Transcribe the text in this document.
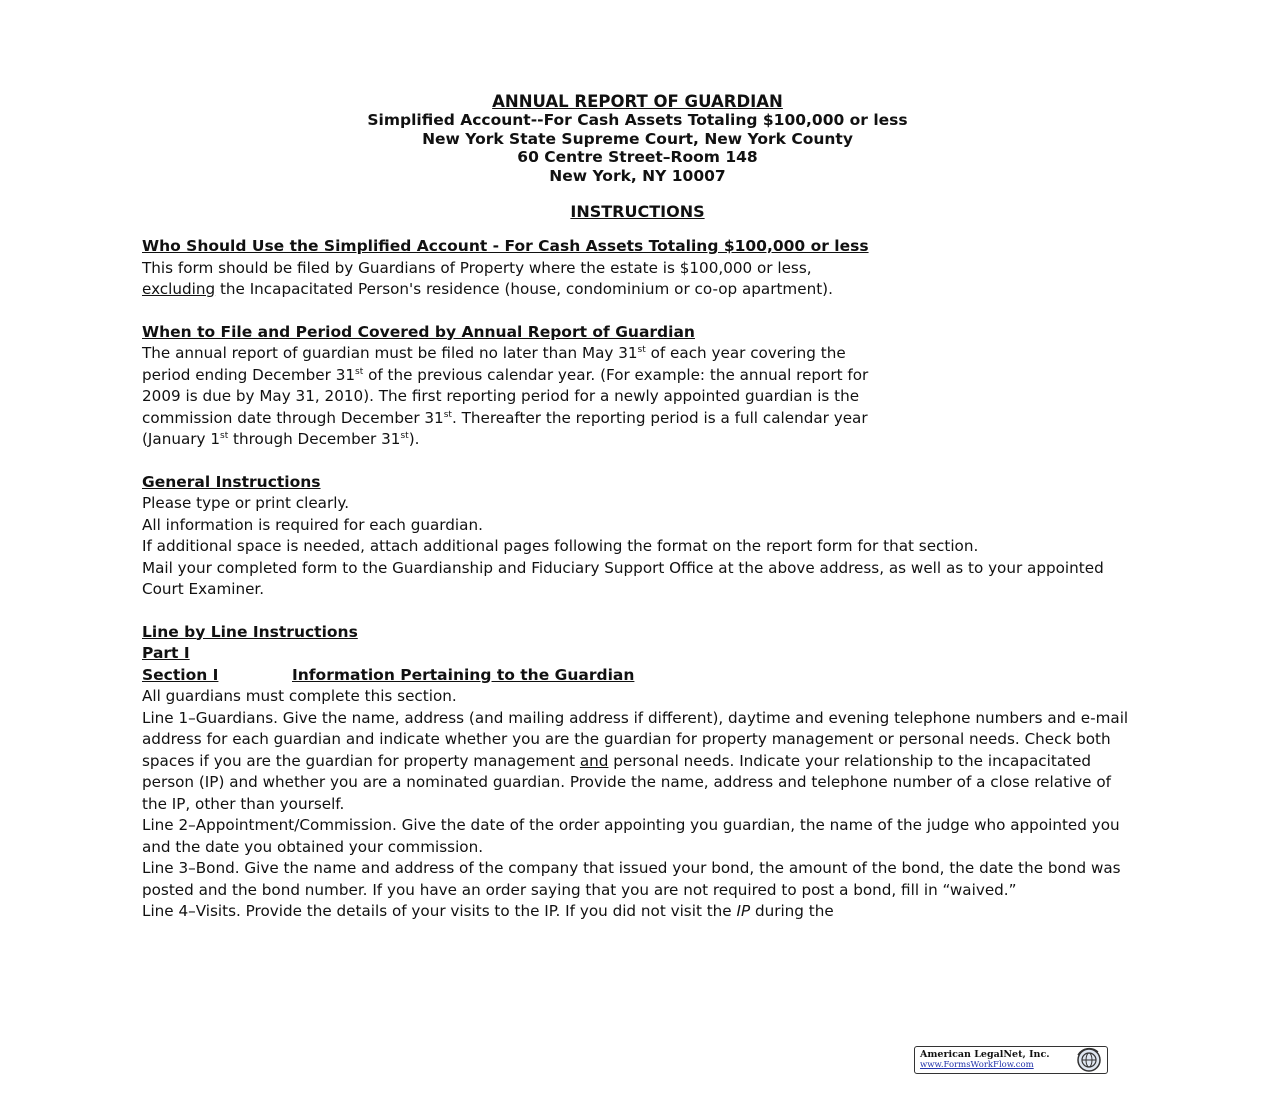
ANNUAL REPORT OF GUARDIAN
Simplified Account--For Cash Assets Totaling $100,000 or less
New York State Supreme Court, New York County
60 Centre Street–Room 148
New York, NY 10007
INSTRUCTIONS

Who Should Use the Simplified Account - For Cash Assets Totaling $100,000 or less

This form should be filed by Guardians of Property where the estate is $100,000 or less,

excluding the Incapacitated Person's residence (house, condominium or co-op apartment).

When to File and Period Covered by Annual Report of Guardian

The annual report of guardian must be filed no later than May 31st of each year covering the

period ending December 31st of the previous calendar year. (For example: the annual report for

2009 is due by May 31, 2010). The first reporting period for a newly appointed guardian is the

commission date through December 31st. Thereafter the reporting period is a full calendar year

(January 1st through December 31st).

General Instructions

Please type or print clearly.

All information is required for each guardian.

If additional space is needed, attach additional pages following the format on the report form for that section.

Mail your completed form to the Guardianship and Fiduciary Support Office at the above address, as well as to your appointed Court Examiner.

Line by Line Instructions

Part I

Section I	Information Pertaining to the Guardian

All guardians must complete this section.

Line 1–Guardians. Give the name, address (and mailing address if different), daytime and evening telephone numbers and e-mail address for each guardian and indicate whether you are the guardian for property management or personal needs. Check both spaces if you are the guardian for property management and personal needs. Indicate your relationship to the incapacitated person (IP) and whether you are a nominated guardian. Provide the name, address and telephone number of a close relative of the IP, other than yourself.

Line 2–Appointment/Commission. Give the date of the order appointing you guardian, the name of the judge who appointed you and the date you obtained your commission.

Line 3–Bond. Give the name and address of the company that issued your bond, the amount of the bond, the date the bond was posted and the bond number. If you have an order saying that you are not required to post a bond, fill in “waived.”

Line 4–Visits. Provide the details of your visits to the IP. If you did not visit the IP during the

American LegalNet, Inc.
www.FormsWorkFlow.com
